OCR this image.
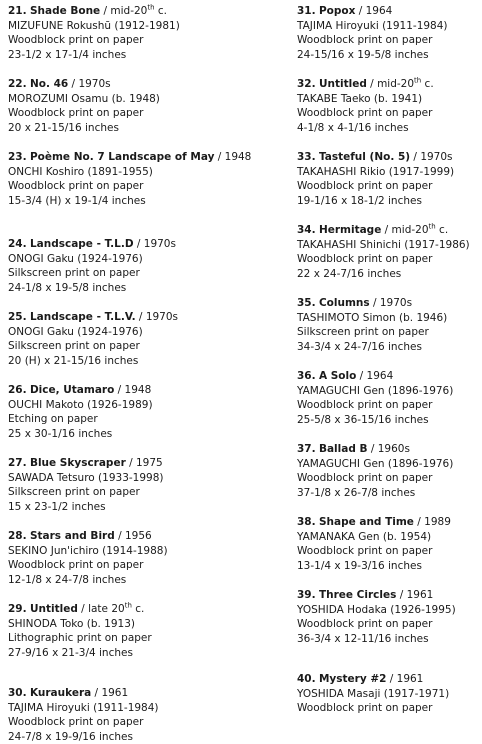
21. Shade Bone / mid-20th c.
MIZUFUNE Rokushū (1912-1981)
Woodblock print on paper
23-1/2 x 17-1/4 inches
22. No. 46 / 1970s
MOROZUMI Osamu (b. 1948)
Woodblock print on paper
20 x 21-15/16 inches
23. Poème No. 7 Landscape of May / 1948
ONCHI Koshiro (1891-1955)
Woodblock print on paper
15-3/4 (H) x 19-1/4 inches
24. Landscape - T.L.D / 1970s
ONOGI Gaku (1924-1976)
Silkscreen print on paper
24-1/8 x 19-5/8 inches
25. Landscape - T.L.V. / 1970s
ONOGI Gaku (1924-1976)
Silkscreen print on paper
20 (H) x 21-15/16 inches
26. Dice, Utamaro / 1948
OUCHI Makoto (1926-1989)
Etching on paper
25 x 30-1/16 inches
27. Blue Skyscraper / 1975
SAWADA Tetsuro (1933-1998)
Silkscreen print on paper
15 x 23-1/2 inches
28. Stars and Bird / 1956
SEKINO Jun'ichiro (1914-1988)
Woodblock print on paper
12-1/8 x 24-7/8 inches
29. Untitled / late 20th c.
SHINODA Toko (b. 1913)
Lithographic print on paper
27-9/16 x 21-3/4 inches
30. Kuraukera / 1961
TAJIMA Hiroyuki (1911-1984)
Woodblock print on paper
24-7/8 x 19-9/16 inches
31. Popox / 1964
TAJIMA Hiroyuki (1911-1984)
Woodblock print on paper
24-15/16 x 19-5/8 inches
32. Untitled / mid-20th c.
TAKABE Taeko (b. 1941)
Woodblock print on paper
4-1/8 x 4-1/16 inches
33. Tasteful (No. 5) / 1970s
TAKAHASHI Rikio (1917-1999)
Woodblock print on paper
19-1/16 x 18-1/2 inches
34. Hermitage / mid-20th c.
TAKAHASHI Shinichi (1917-1986)
Woodblock print on paper
22 x 24-7/16 inches
35. Columns / 1970s
TASHIMOTO Simon (b. 1946)
Silkscreen print on paper
34-3/4 x 24-7/16 inches
36. A Solo / 1964
YAMAGUCHI Gen (1896-1976)
Woodblock print on paper
25-5/8 x 36-15/16 inches
37. Ballad B / 1960s
YAMAGUCHI Gen (1896-1976)
Woodblock print on paper
37-1/8 x 26-7/8 inches
38. Shape and Time / 1989
YAMANAKA Gen (b. 1954)
Woodblock print on paper
13-1/4 x 19-3/16 inches
39. Three Circles / 1961
YOSHIDA Hodaka (1926-1995)
Woodblock print on paper
36-3/4 x 12-11/16 inches
40. Mystery #2 / 1961
YOSHIDA Masaji (1917-1971)
Woodblock print on paper
